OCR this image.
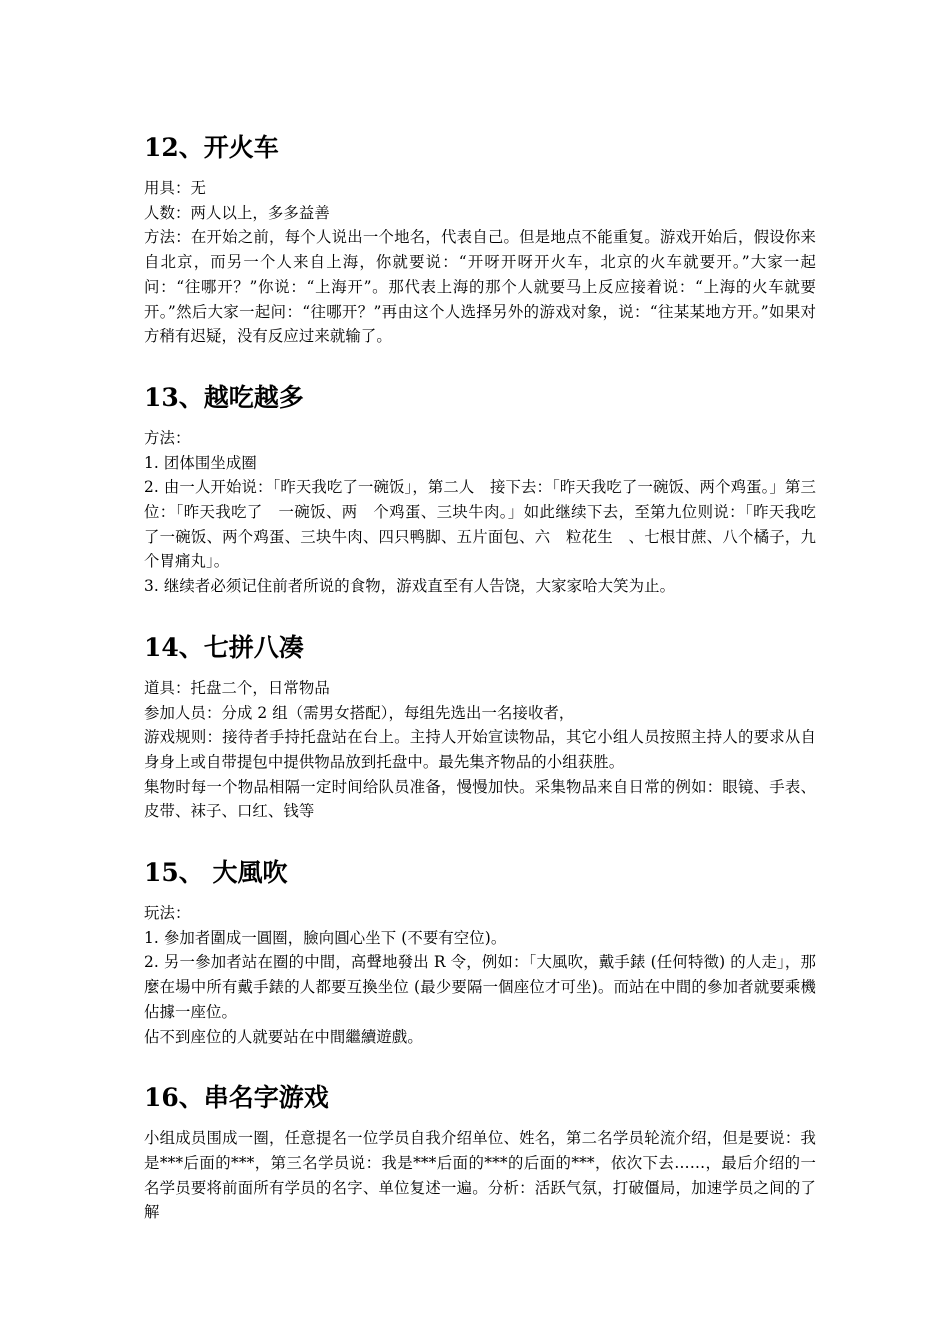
12、开火车

用具：无

人数：两人以上，多多益善

方法：在开始之前，每个人说出一个地名，代表自己。但是地点不能重复。游戏开始后，假设你来自北京，而另一个人来自上海，你就要说：“开呀开呀开火车，北京的火车就要开。”大家一起问：“往哪开？”你说：“上海开”。那代表上海的那个人就要马上反应接着说：“上海的火车就要开。”然后大家一起问：“往哪开？”再由这个人选择另外的游戏对象，说：“往某某地方开。”如果对方稍有迟疑，没有反应过来就输了。

13、越吃越多

方法：

1. 团体围坐成圈

2. 由一人开始说：「昨天我吃了一碗饭」，第二人　接下去：「昨天我吃了一碗饭、两个鸡蛋。」第三位：「昨天我吃了　一碗饭、两　个鸡蛋、三块牛肉。」如此继续下去，至第九位则说：「昨天我吃了一碗饭、两个鸡蛋、三块牛肉、四只鸭脚、五片面包、六　粒花生　、七根甘蔗、八个橘子，九个胃痛丸」。

3. 继续者必须记住前者所说的食物，游戏直至有人告饶，大家家哈大笑为止。

14、七拼八凑

道具：托盘二个，日常物品

参加人员：分成 2 组（需男女搭配），每组先选出一名接收者，

游戏规则：接待者手持托盘站在台上。主持人开始宣读物品，其它小组人员按照主持人的要求从自身身上或自带提包中提供物品放到托盘中。最先集齐物品的小组获胜。

集物时每一个物品相隔一定时间给队员准备，慢慢加快。采集物品来自日常的例如：眼镜、手表、皮带、袜子、口红、钱等

15、 大風吹

玩法：

1. 參加者圍成一圓圈，臉向圓心坐下 (不要有空位)。

2. 另一參加者站在圈的中間，高聲地發出 R 令，例如：「大風吹，戴手錶 (任何特徵) 的人走」，那麼在場中所有戴手錶的人都要互換坐位 (最少要隔一個座位才可坐)。而站在中間的參加者就要乘機佔據一座位。

佔不到座位的人就要站在中間繼續遊戲。

16、串名字游戏

小组成员围成一圈，任意提名一位学员自我介绍单位、姓名，第二名学员轮流介绍，但是要说：我是***后面的***，第三名学员说：我是***后面的***的后面的***，依次下去……，最后介绍的一名学员要将前面所有学员的名字、单位复述一遍。分析：活跃气氛，打破僵局，加速学员之间的了解
